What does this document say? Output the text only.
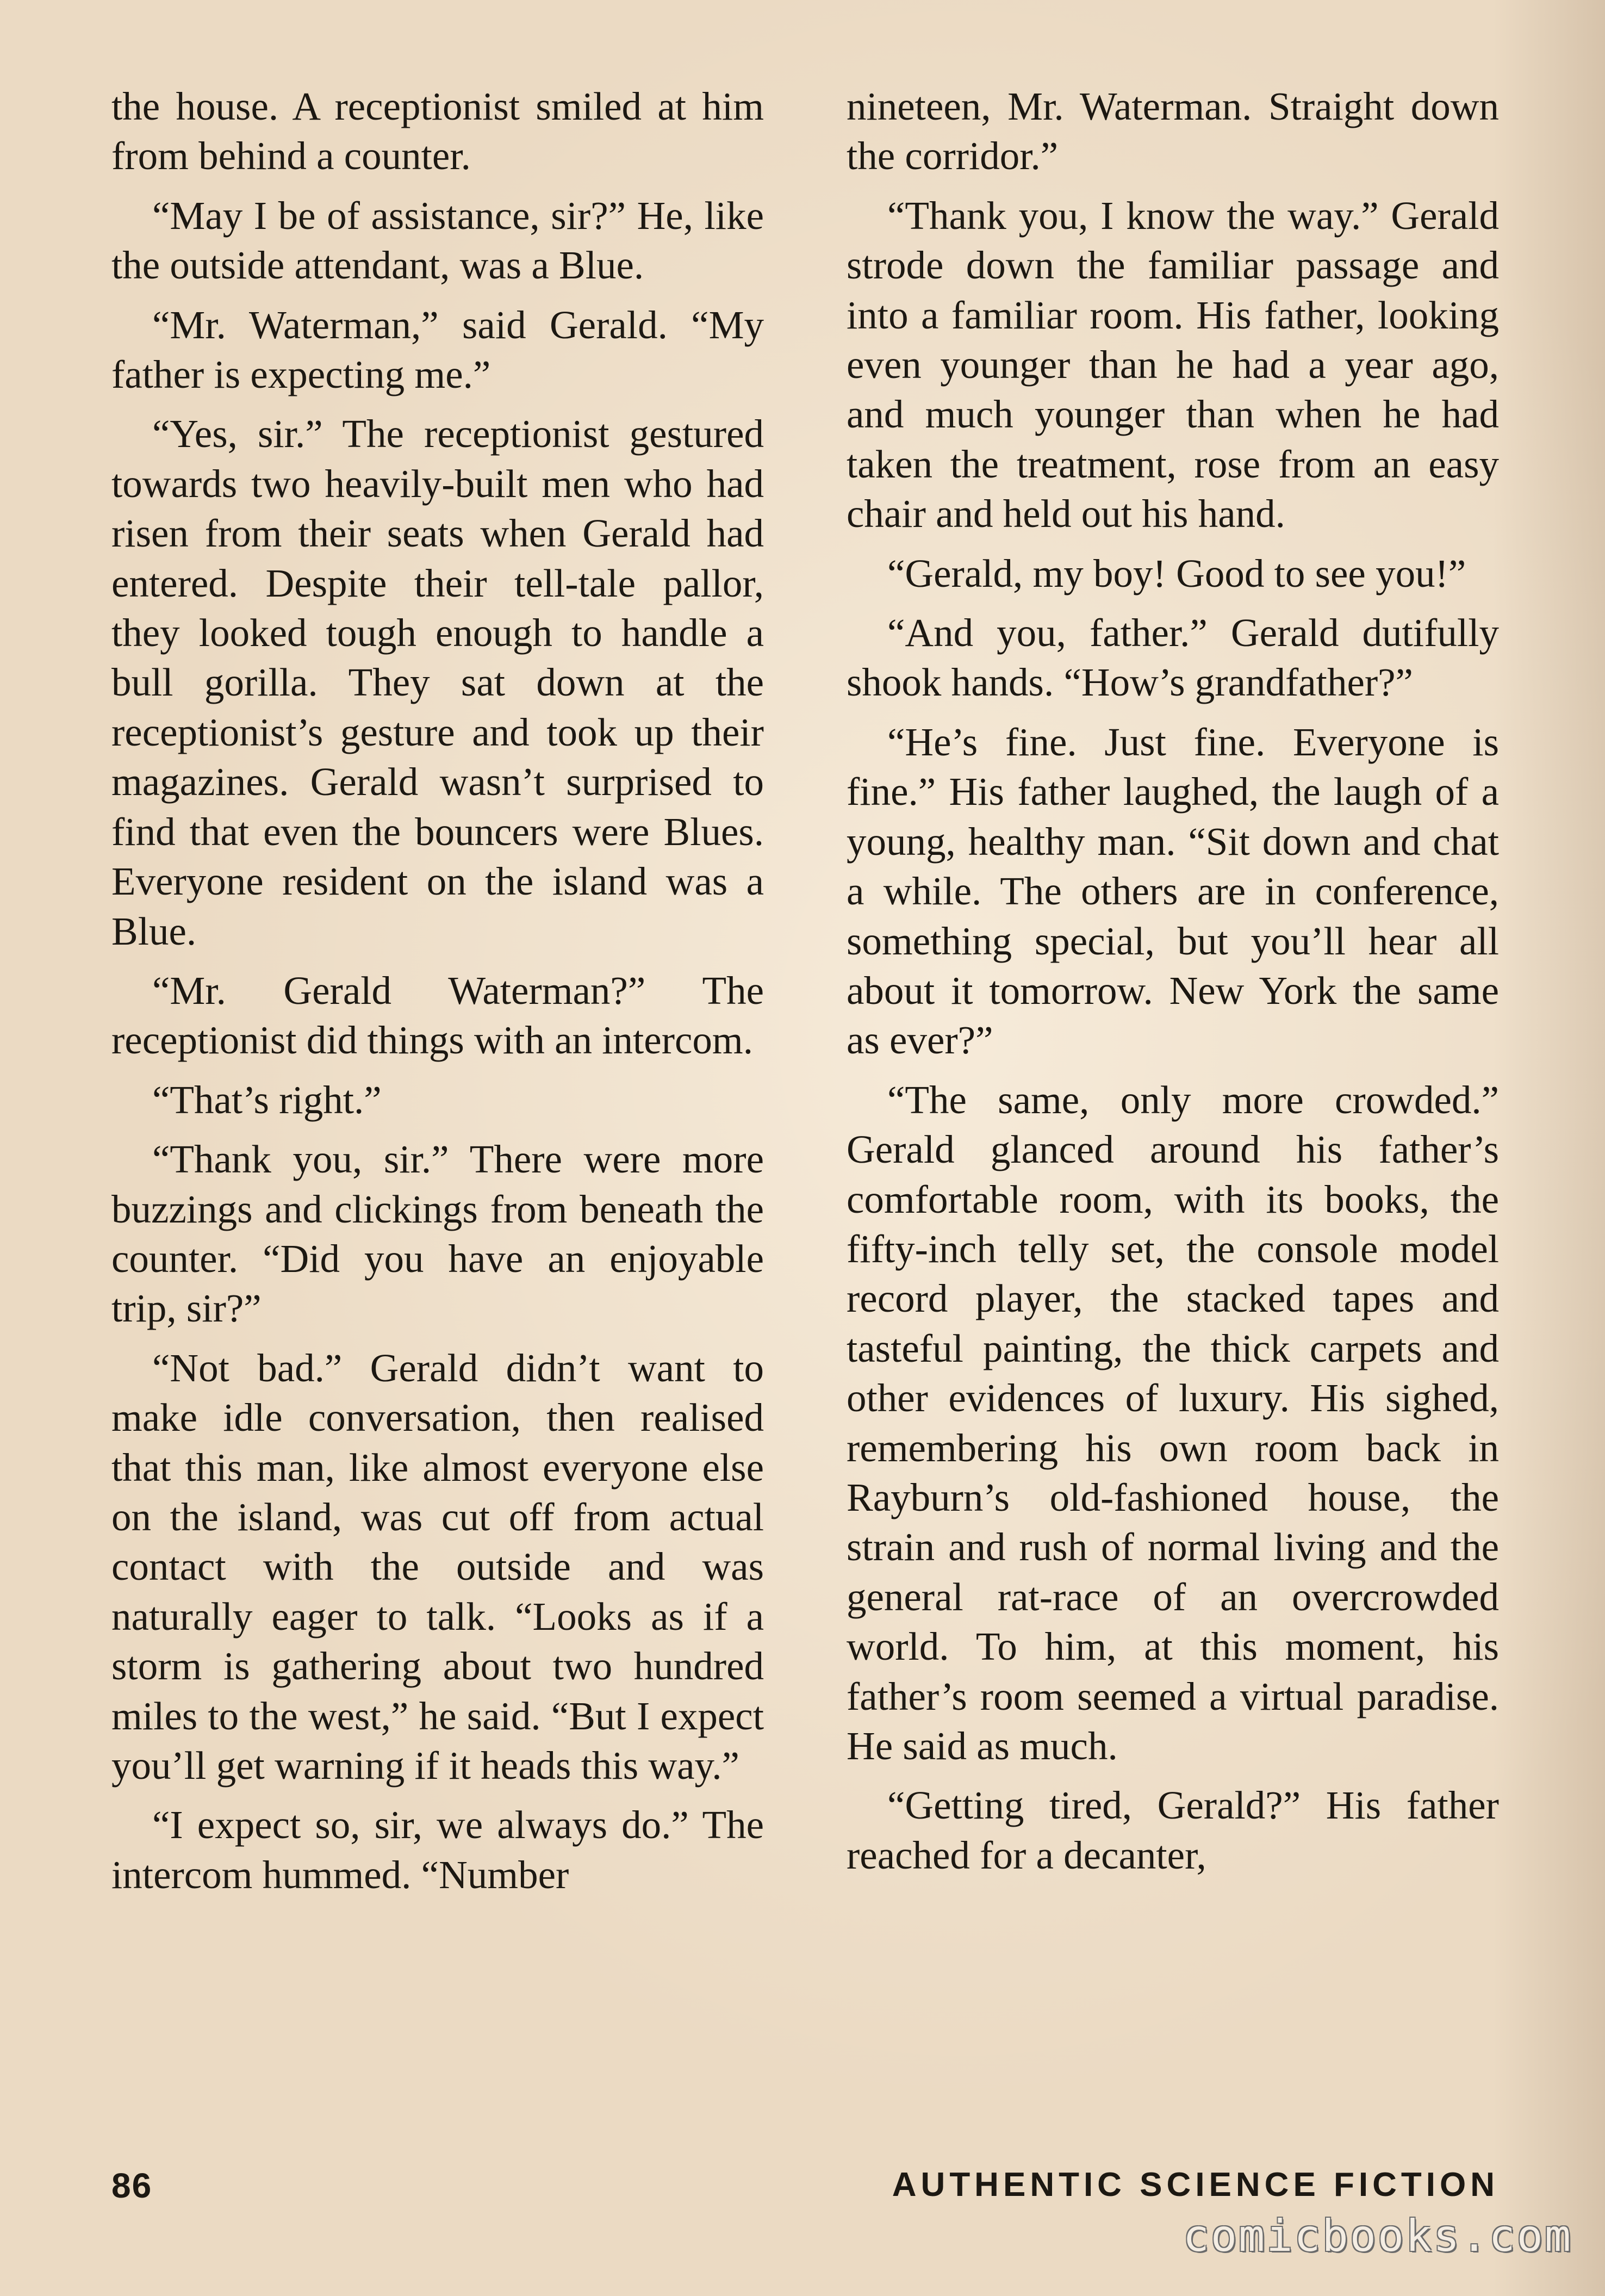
the house. A receptionist smiled at him from behind a counter.

“May I be of assistance, sir?” He, like the outside attendant, was a Blue.

“Mr. Waterman,” said Gerald. “My father is expecting me.”

“Yes, sir.” The receptionist gestured towards two heavily-built men who had risen from their seats when Gerald had entered. Despite their tell-tale pallor, they looked tough enough to handle a bull gorilla. They sat down at the receptionist’s gesture and took up their magazines. Gerald wasn’t surprised to find that even the bouncers were Blues. Everyone resident on the island was a Blue.

“Mr. Gerald Waterman?” The receptionist did things with an intercom.

“That’s right.”

“Thank you, sir.” There were more buzzings and clickings from beneath the counter. “Did you have an enjoyable trip, sir?”

“Not bad.” Gerald didn’t want to make idle conversation, then realised that this man, like almost everyone else on the island, was cut off from actual contact with the outside and was naturally eager to talk. “Looks as if a storm is gathering about two hundred miles to the west,” he said. “But I expect you’ll get warning if it heads this way.”

“I expect so, sir, we always do.” The intercom hummed. “Number

nineteen, Mr. Waterman. Straight down the corridor.”

“Thank you, I know the way.” Gerald strode down the familiar passage and into a familiar room. His father, looking even younger than he had a year ago, and much younger than when he had taken the treatment, rose from an easy chair and held out his hand.

“Gerald, my boy! Good to see you!”

“And you, father.” Gerald dutifully shook hands. “How’s grandfather?”

“He’s fine. Just fine. Everyone is fine.” His father laughed, the laugh of a young, healthy man. “Sit down and chat a while. The others are in conference, something special, but you’ll hear all about it tomorrow. New York the same as ever?”

“The same, only more crowded.” Gerald glanced around his father’s comfortable room, with its books, the fifty-inch telly set, the console model record player, the stacked tapes and tasteful painting, the thick carpets and other evidences of luxury. His sighed, remembering his own room back in Rayburn’s old-fashioned house, the strain and rush of normal living and the general rat-race of an overcrowded world. To him, at this moment, his father’s room seemed a virtual paradise. He said as much.

“Getting tired, Gerald?” His father reached for a decanter,

86	AUTHENTIC SCIENCE FICTION
comicbooks.com
